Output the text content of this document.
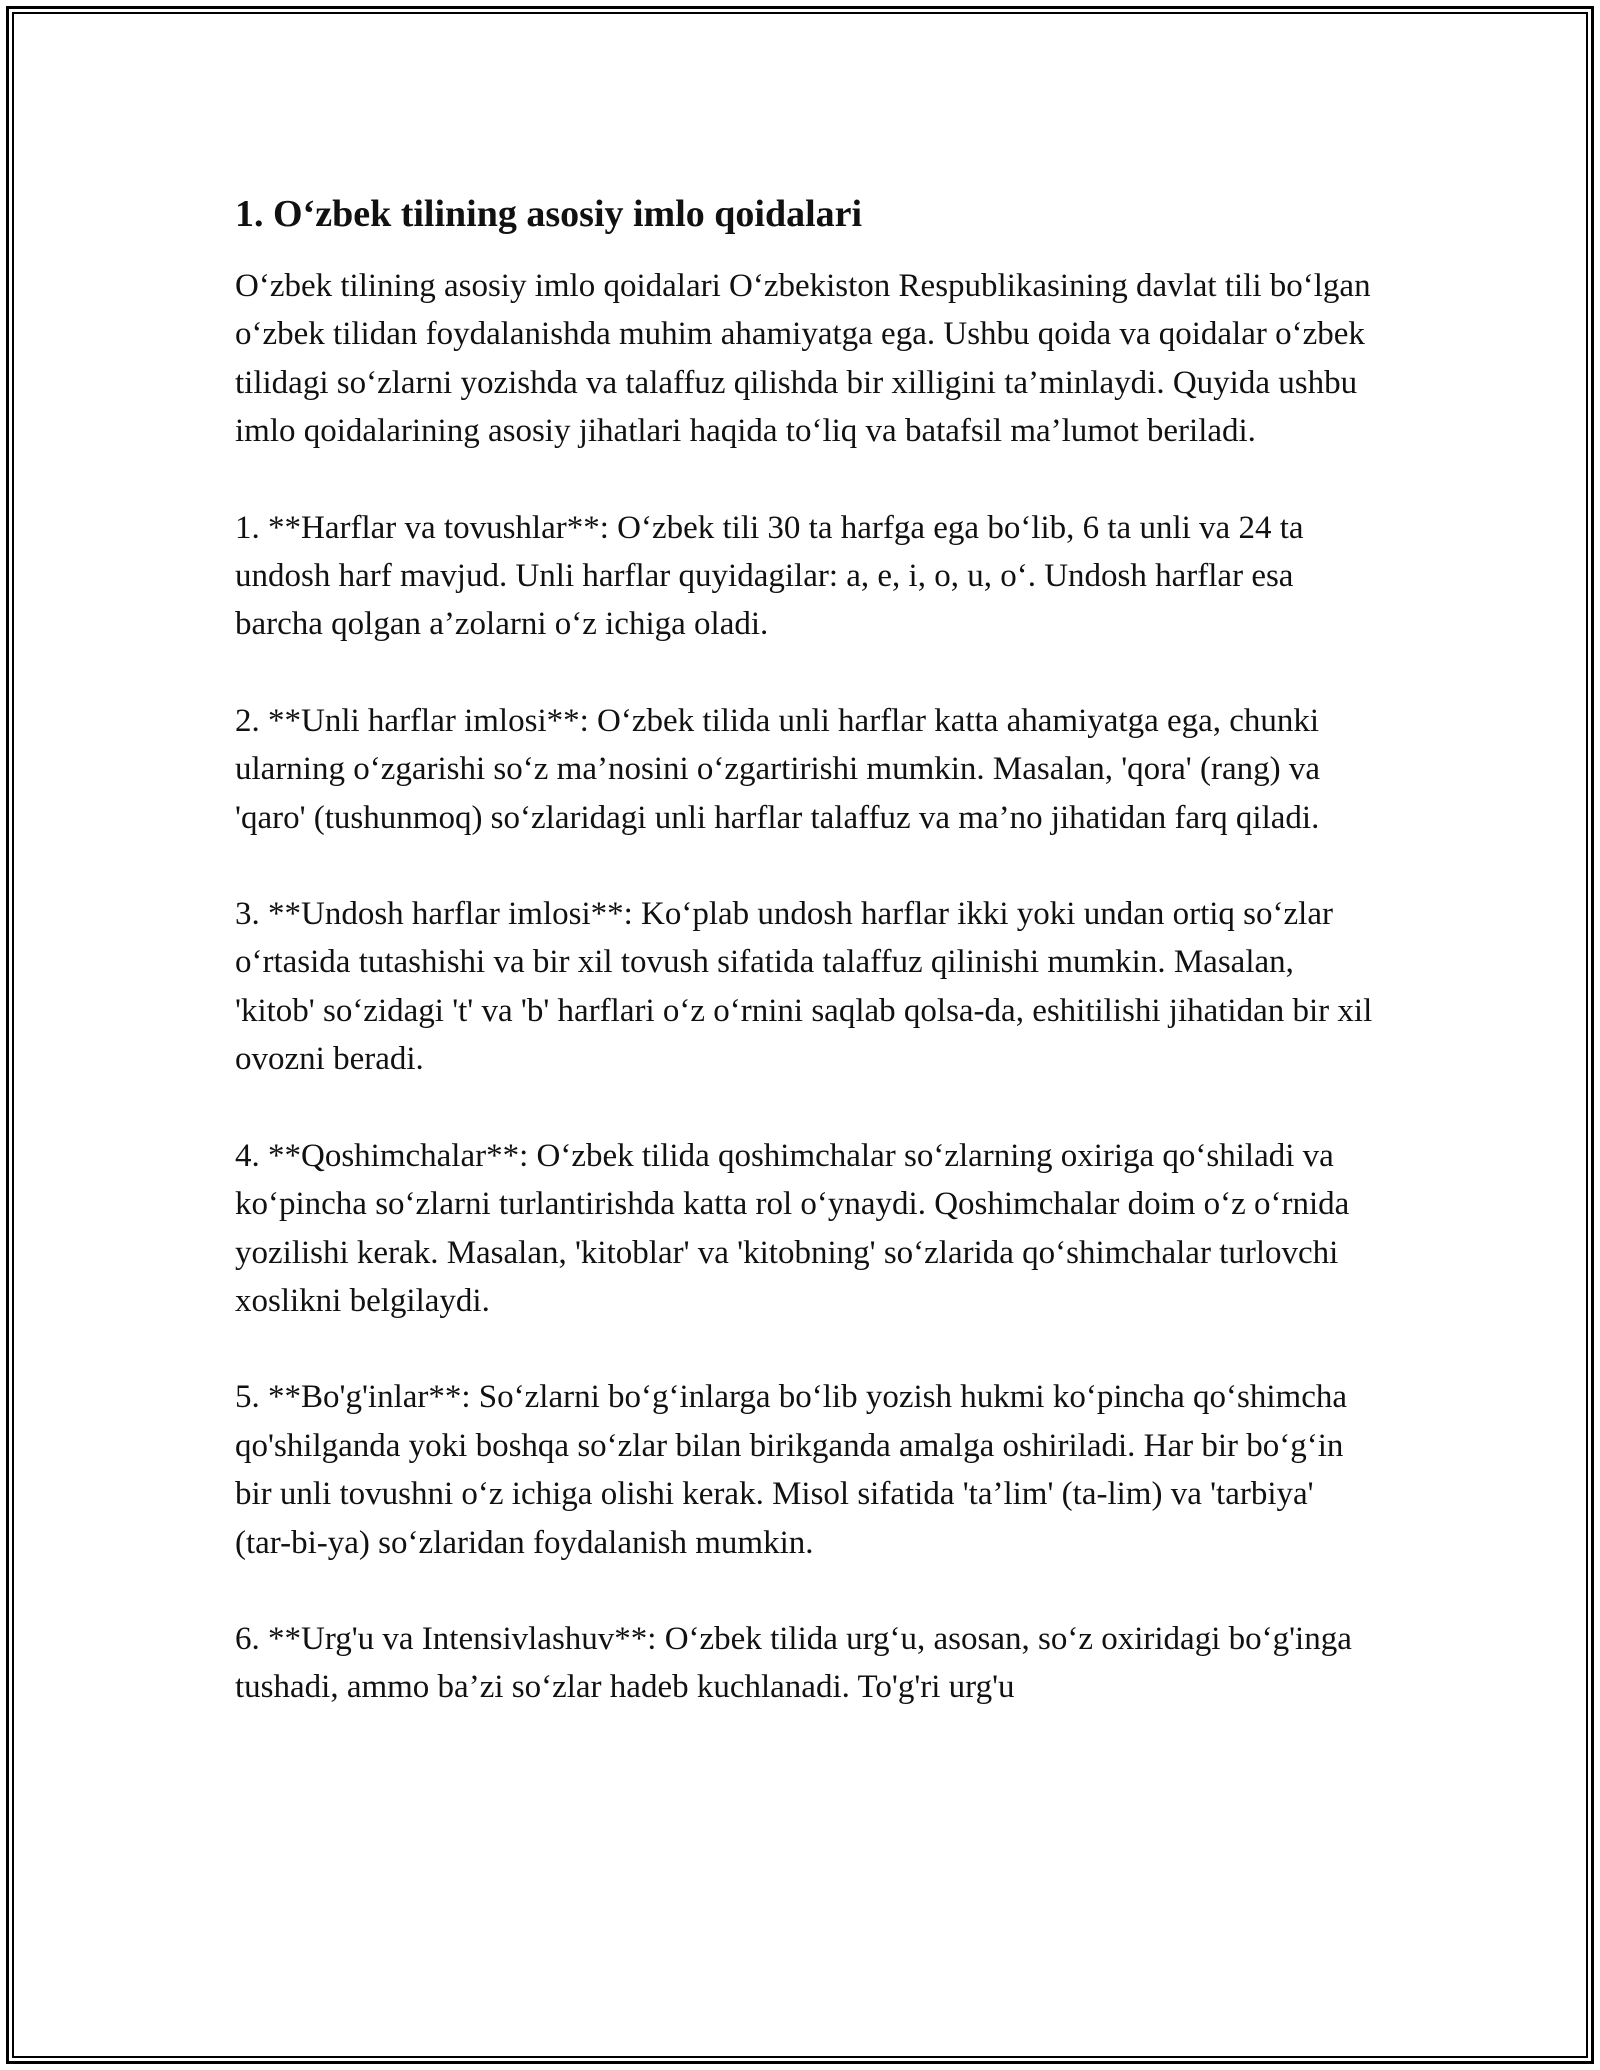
1. O‘zbek tilining asosiy imlo qoidalari

O‘zbek tilining asosiy imlo qoidalari O‘zbekiston Respublikasining davlat tili bo‘lgan o‘zbek tilidan foydalanishda muhim ahamiyatga ega. Ushbu qoida va qoidalar o‘zbek tilidagi so‘zlarni yozishda va talaffuz qilishda bir xilligini ta’minlaydi. Quyida ushbu imlo qoidalarining asosiy jihatlari haqida to‘liq va batafsil ma’lumot beriladi.

1. **Harflar va tovushlar**: O‘zbek tili 30 ta harfga ega bo‘lib, 6 ta unli va 24 ta undosh harf mavjud. Unli harflar quyidagilar: a, e, i, o, u, o‘. Undosh harflar esa barcha qolgan a’zolarni o‘z ichiga oladi.

2. **Unli harflar imlosi**: O‘zbek tilida unli harflar katta ahamiyatga ega, chunki ularning o‘zgarishi so‘z ma’nosini o‘zgartirishi mumkin. Masalan, 'qora' (rang) va 'qaro' (tushunmoq) so‘zlaridagi unli harflar talaffuz va ma’no jihatidan farq qiladi.

3. **Undosh harflar imlosi**: Ko‘plab undosh harflar ikki yoki undan ortiq so‘zlar o‘rtasida tutashishi va bir xil tovush sifatida talaffuz qilinishi mumkin. Masalan, 'kitob' so‘zidagi 't' va 'b' harflari o‘z o‘rnini saqlab qolsa-da, eshitilishi jihatidan bir xil ovozni beradi.

4. **Qoshimchalar**: O‘zbek tilida qoshimchalar so‘zlarning oxiriga qo‘shiladi va ko‘pincha so‘zlarni turlantirishda katta rol o‘ynaydi. Qoshimchalar doim o‘z o‘rnida yozilishi kerak. Masalan, 'kitoblar' va 'kitobning' so‘zlarida qo‘shimchalar turlovchi xoslikni belgilaydi.

5. **Bo'g'inlar**: So‘zlarni bo‘g‘inlarga bo‘lib yozish hukmi ko‘pincha qo‘shimcha qo'shilganda yoki boshqa so‘zlar bilan birikganda amalga oshiriladi. Har bir bo‘g‘in bir unli tovushni o‘z ichiga olishi kerak. Misol sifatida 'ta’lim' (ta-lim) va 'tarbiya' (tar-bi-ya) so‘zlaridan foydalanish mumkin.

6. **Urg'u va Intensivlashuv**: O‘zbek tilida urg‘u, asosan, so‘z oxiridagi bo‘g'inga tushadi, ammo ba’zi so‘zlar hadeb kuchlanadi. To'g'ri urg'u
